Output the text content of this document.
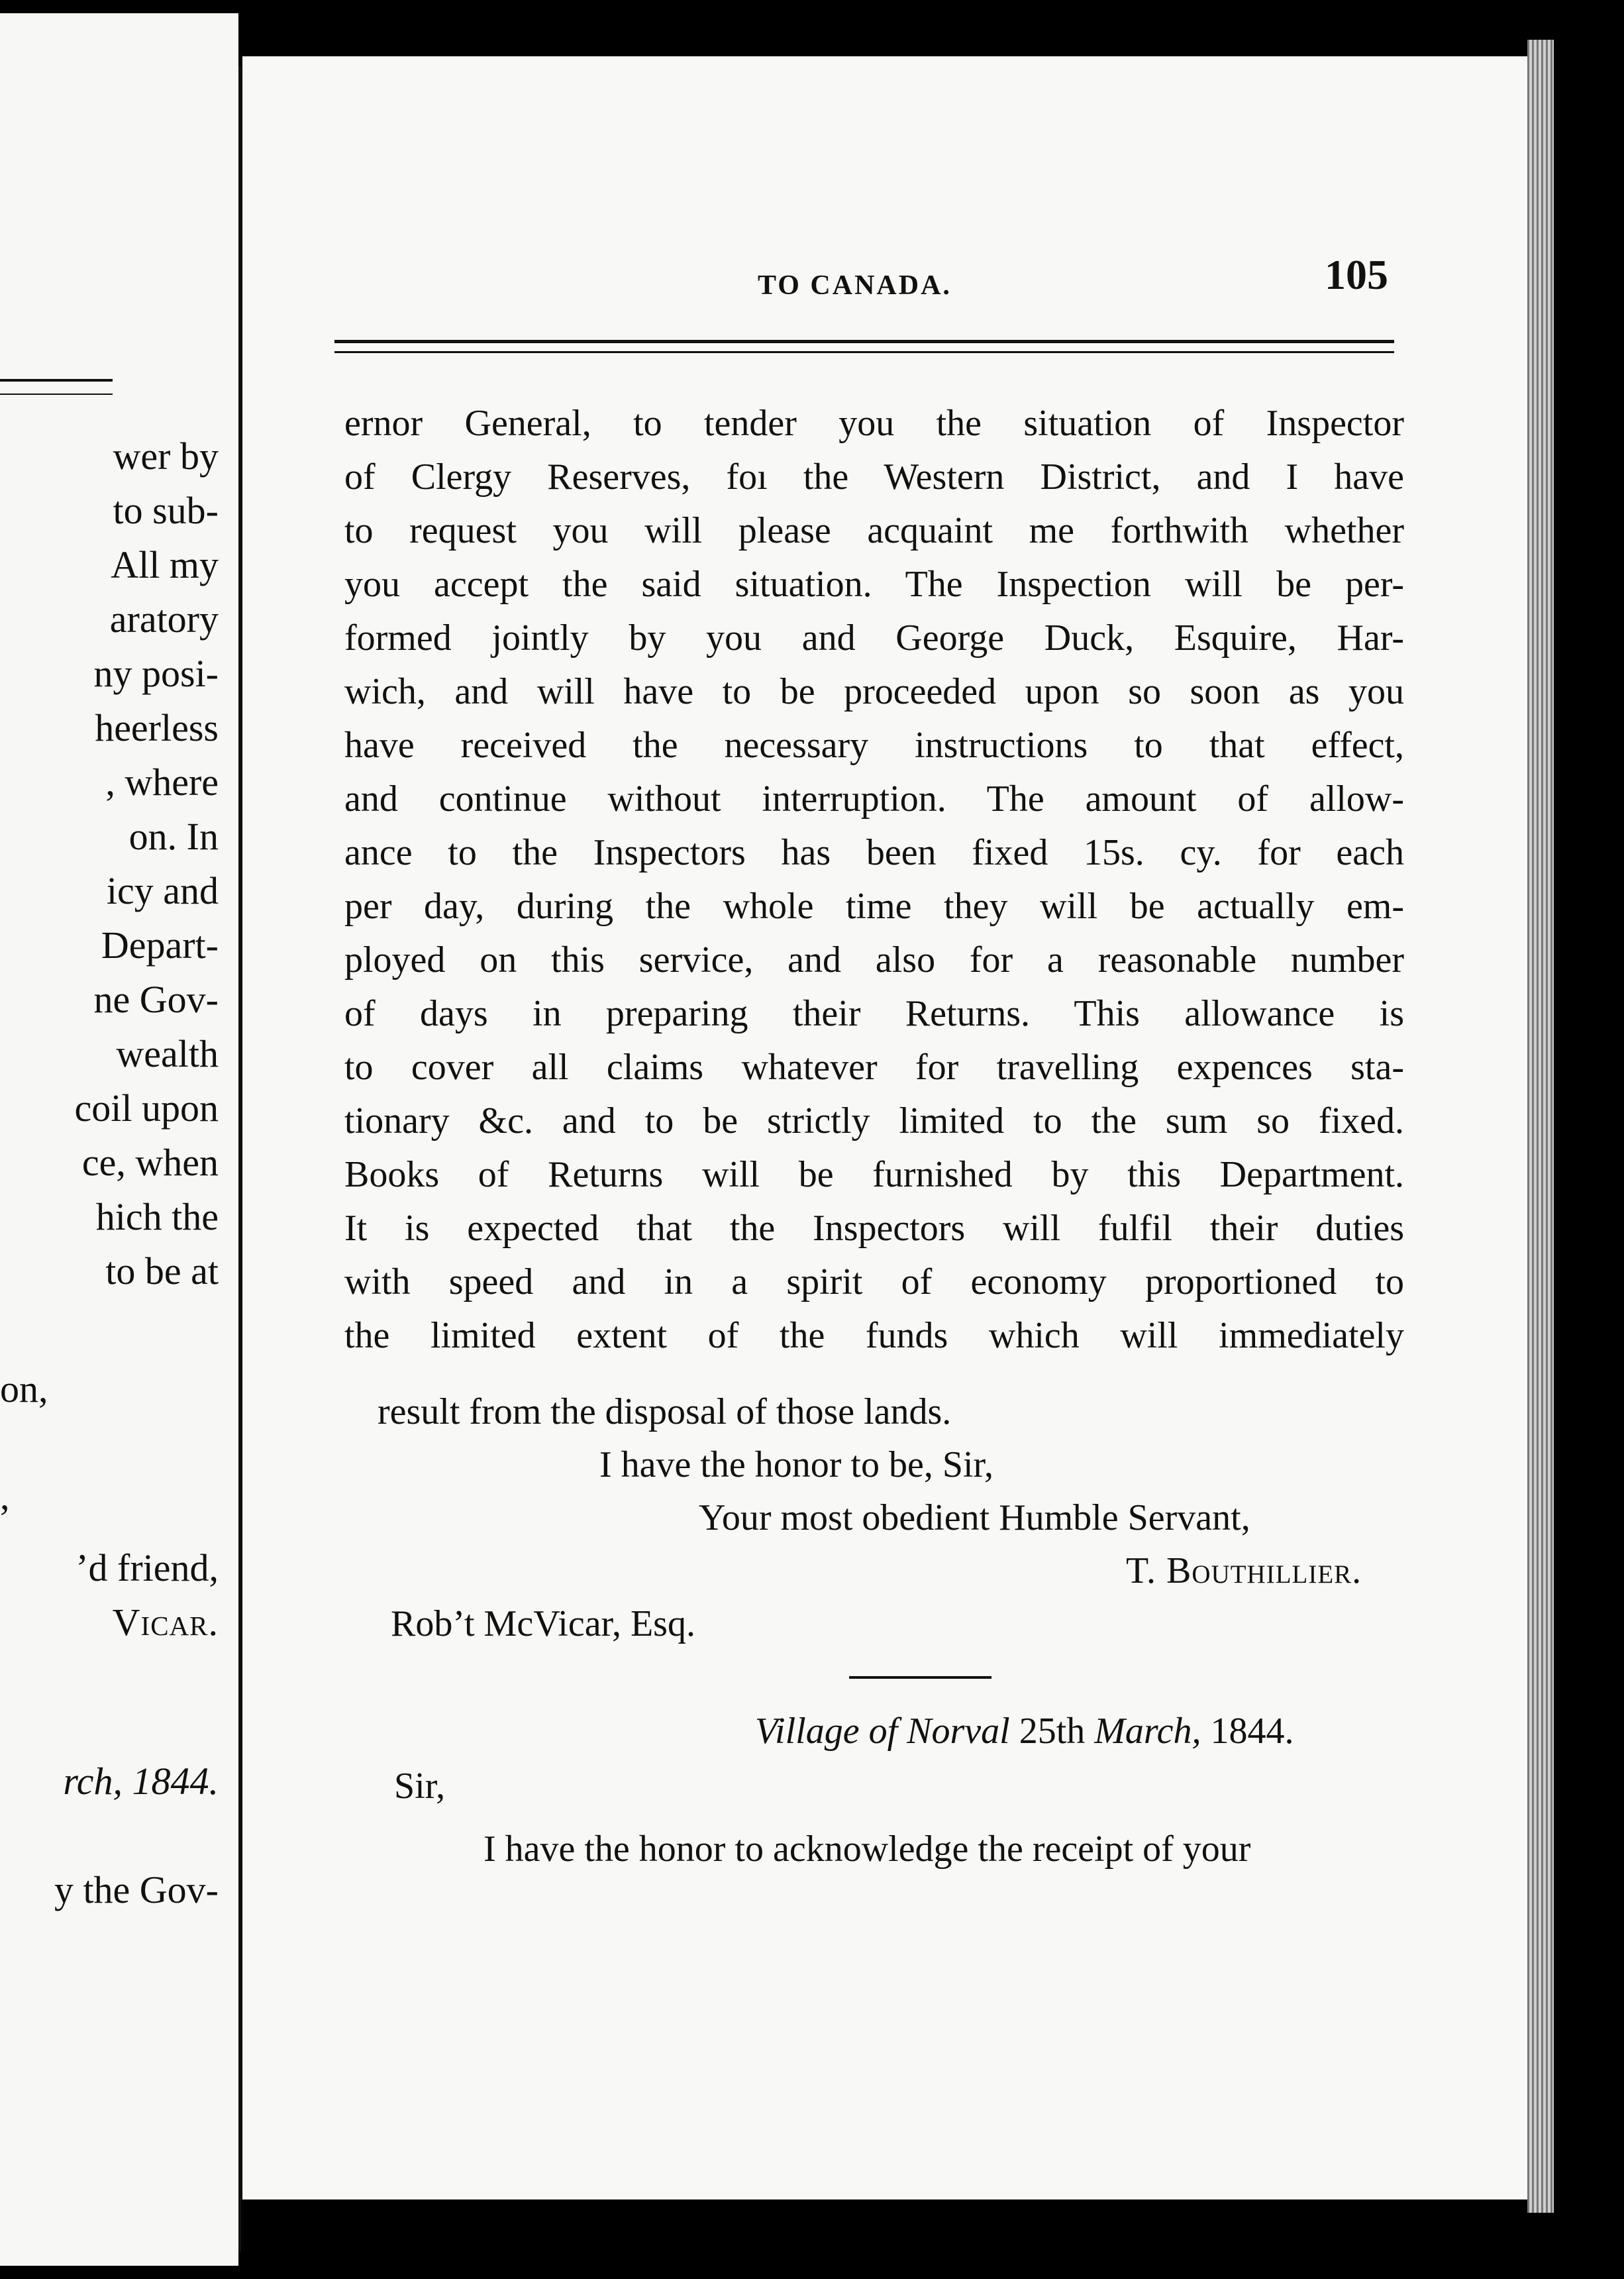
wer by
to sub-
All my
aratory
ny posi-
heerless
, where
on. In
icy and
Depart-
ne Gov-
wealth
coil upon
ce, when
hich the
to be at
on,
,
’d friend,
Vicar.
rch, 1844.
y the Gov-
TO CANADA.	105
ernor General, to tender you the situation of Inspector
of Clergy Reserves, foı the Western District, and I have
to request you will please acquaint me forthwith whether
you accept the said situation. The Inspection will be per-
formed jointly by you and George Duck, Esquire, Har-
wich, and will have to be proceeded upon so soon as you
have received the necessary instructions to that effect,
and continue without interruption. The amount of allow-
ance to the Inspectors has been fixed 15s. cy. for each
per day, during the whole time they will be actually em-
ployed on this service, and also for a reasonable number
of days in preparing their Returns. This allowance is
to cover all claims whatever for travelling expences sta-
tionary &c. and to be strictly limited to the sum so fixed.
Books of Returns will be furnished by this Department.
It is expected that the Inspectors will fulfil their duties
with speed and in a spirit of economy proportioned to
the limited extent of the funds which will immediately
result from the disposal of those lands.
I have the honor to be, Sir,
Your most obedient Humble Servant,
T. Bouthillier.
Rob’t McVicar, Esq.
Village of Norval 25th March, 1844.
Sir,
I have the honor to acknowledge the receipt of your
